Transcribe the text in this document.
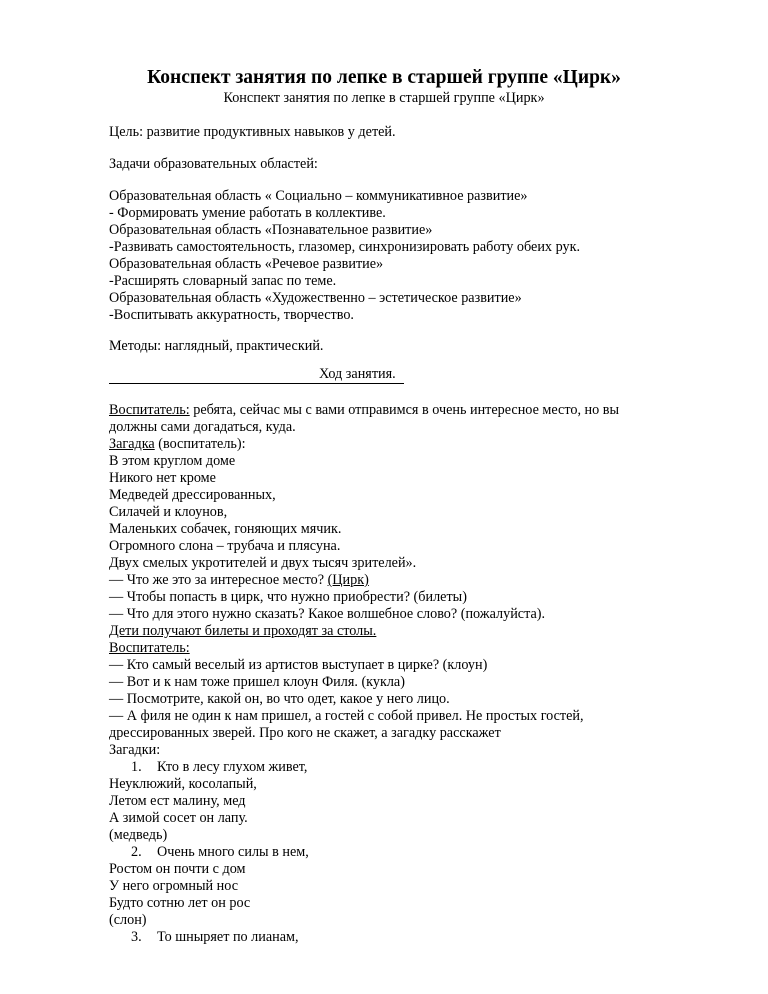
Конспект занятия по лепке в старшей группе «Цирк»
Конспект занятия по лепке в старшей группе «Цирк»
Цель: развитие продуктивных навыков у детей.
Задачи образовательных областей:
Образовательная область « Социально – коммуникативное развитие»
- Формировать умение работать в коллективе.
Образовательная область «Познавательное развитие»
-Развивать самостоятельность, глазомер, синхронизировать работу обеих рук.
Образовательная область «Речевое развитие»
-Расширять словарный запас по теме.
Образовательная область «Художественно – эстетическое развитие»
-Воспитывать аккуратность, творчество.
Методы: наглядный, практический.
Ход занятия.
Воспитатель: ребята, сейчас мы с вами отправимся в очень интересное место, но вы
должны сами догадаться, куда.
Загадка (воспитатель):
В этом круглом доме
Никого нет кроме
Медведей дрессированных,
Силачей и клоунов,
Маленьких собачек, гоняющих мячик.
Огромного слона – трубача и плясуна.
Двух смелых укротителей и двух тысяч зрителей».
— Что же это за интересное место? (Цирк)
— Чтобы попасть в цирк, что нужно приобрести? (билеты)
— Что для этого нужно сказать? Какое волшебное слово? (пожалуйста).
Дети получают билеты и проходят за столы.
Воспитатель:
— Кто самый веселый из артистов выступает в цирке? (клоун)
— Вот и к нам тоже пришел клоун Филя. (кукла)
— Посмотрите, какой он, во что одет, какое у него лицо.
— А филя не один к нам пришел, а гостей с собой привел. Не простых гостей,
дрессированных зверей. Про кого не скажет, а загадку расскажет
Загадки:
1. Кто в лесу глухом живет,
Неуклюжий, косолапый,
Летом ест малину, мед
А зимой сосет он лапу.
(медведь)
2. Очень много силы в нем,
Ростом он почти с дом
У него огромный нос
Будто сотню лет он рос
(слон)
3. То шныряет по лианам,
